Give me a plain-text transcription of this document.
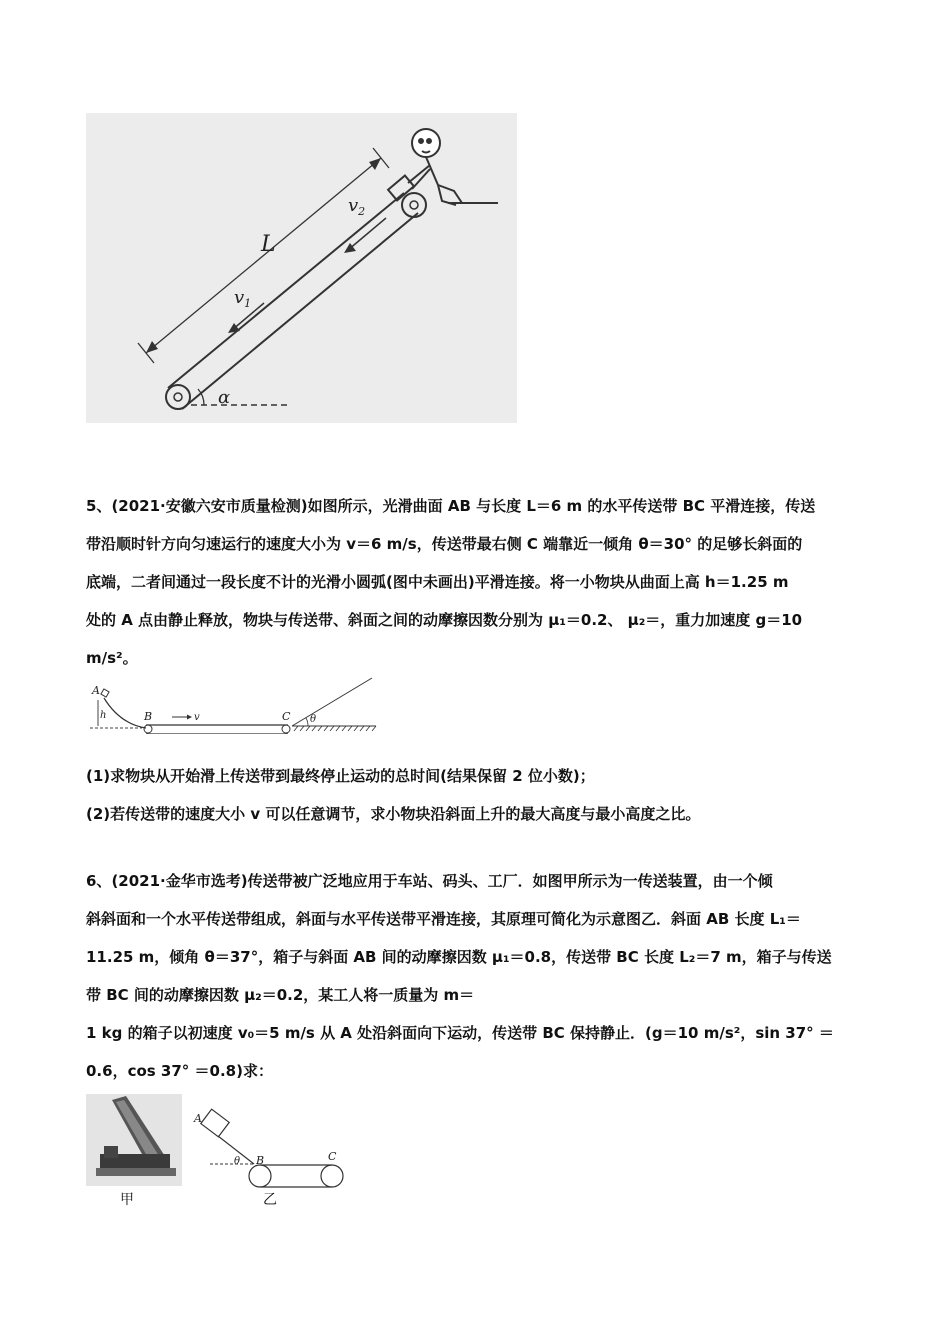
L
$v_2$
$v_1$
α
5、(2021·安徽六安市质量检测)如图所示，光滑曲面 AB 与长度 L＝6 m 的水平传送带 BC 平滑连接，传送
带沿顺时针方向匀速运行的速度大小为 v＝6 m/s，传送带最右侧 C 端靠近一倾角 θ＝30° 的足够长斜面的
底端，二者间通过一段长度不计的光滑小圆弧(图中未画出)平滑连接。将一小物块从曲面上高 h＝1.25 m
处的 A 点由静止释放，物块与传送带、斜面之间的动摩擦因数分别为 μ₁＝0.2、 μ₂＝，重力加速度 g＝10
m/s²。
h
A
B	v	C θ
(1)求物块从开始滑上传送带到最终停止运动的总时间(结果保留 2 位小数)；
(2)若传送带的速度大小 v 可以任意调节，求小物块沿斜面上升的最大高度与最小高度之比。
6、(2021·金华市选考)传送带被广泛地应用于车站、码头、工厂．如图甲所示为一传送装置，由一个倾
斜斜面和一个水平传送带组成，斜面与水平传送带平滑连接，其原理可简化为示意图乙．斜面 AB 长度 L₁＝
11.25 m，倾角 θ＝37°，箱子与斜面 AB 间的动摩擦因数 μ₁＝0.8，传送带 BC 长度 L₂＝7 m，箱子与传送
带 BC 间的动摩擦因数 μ₂＝0.2，某工人将一质量为 m＝
1 kg 的箱子以初速度 v₀＝5 m/s 从 A 处沿斜面向下运动，传送带 BC 保持静止．(g＝10 m/s²，sin 37° ＝
0.6，cos 37° ＝0.8)求：
甲
A
θ B	C
乙
